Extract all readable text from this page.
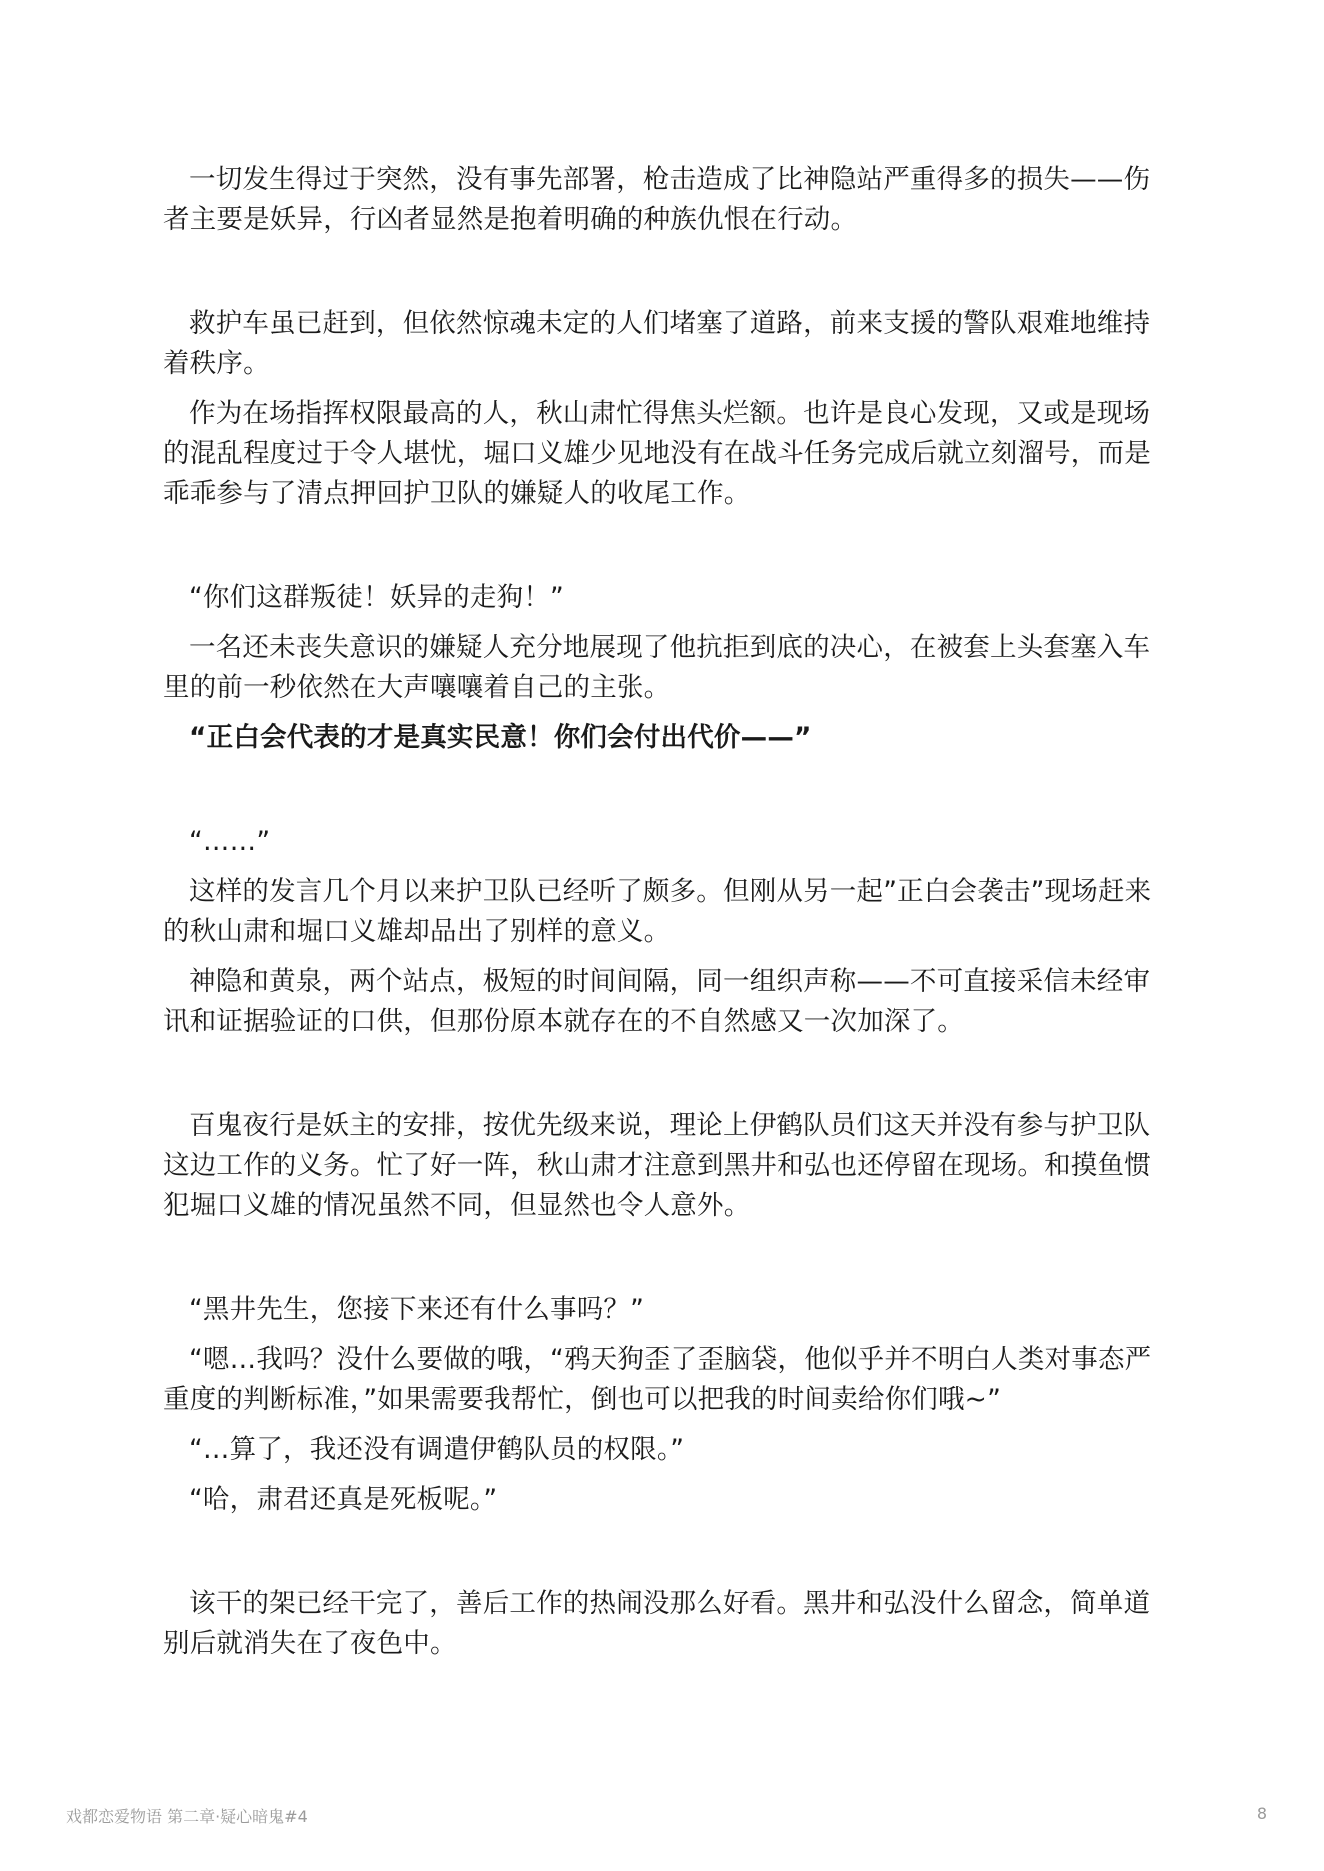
一切发生得过于突然，没有事先部署，枪击造成了比神隐站严重得多的损失——伤者主要是妖异，行凶者显然是抱着明确的种族仇恨在行动。

救护车虽已赶到，但依然惊魂未定的人们堵塞了道路，前来支援的警队艰难地维持着秩序。

作为在场指挥权限最高的人，秋山肃忙得焦头烂额。也许是良心发现，又或是现场的混乱程度过于令人堪忧，堀口义雄少见地没有在战斗任务完成后就立刻溜号，而是乖乖参与了清点押回护卫队的嫌疑人的收尾工作。

“你们这群叛徒！妖异的走狗！”

一名还未丧失意识的嫌疑人充分地展现了他抗拒到底的决心，在被套上头套塞入车里的前一秒依然在大声嚷嚷着自己的主张。

“正白会代表的才是真实民意！你们会付出代价——”

“……”

这样的发言几个月以来护卫队已经听了颇多。但刚从另一起”正白会袭击”现场赶来的秋山肃和堀口义雄却品出了别样的意义。

神隐和黄泉，两个站点，极短的时间间隔，同一组织声称——不可直接采信未经审讯和证据验证的口供，但那份原本就存在的不自然感又一次加深了。

百鬼夜行是妖主的安排，按优先级来说，理论上伊鹤队员们这天并没有参与护卫队这边工作的义务。忙了好一阵，秋山肃才注意到黑井和弘也还停留在现场。和摸鱼惯犯堀口义雄的情况虽然不同，但显然也令人意外。

“黑井先生，您接下来还有什么事吗？”

“嗯…我吗？没什么要做的哦，“鸦天狗歪了歪脑袋，他似乎并不明白人类对事态严重度的判断标准，”如果需要我帮忙，倒也可以把我的时间卖给你们哦~”

“…算了，我还没有调遣伊鹤队员的权限。”

“哈，肃君还真是死板呢。”

该干的架已经干完了，善后工作的热闹没那么好看。黑井和弘没什么留念，简单道别后就消失在了夜色中。

戏都恋爱物语 第二章·疑心暗鬼#4	8
